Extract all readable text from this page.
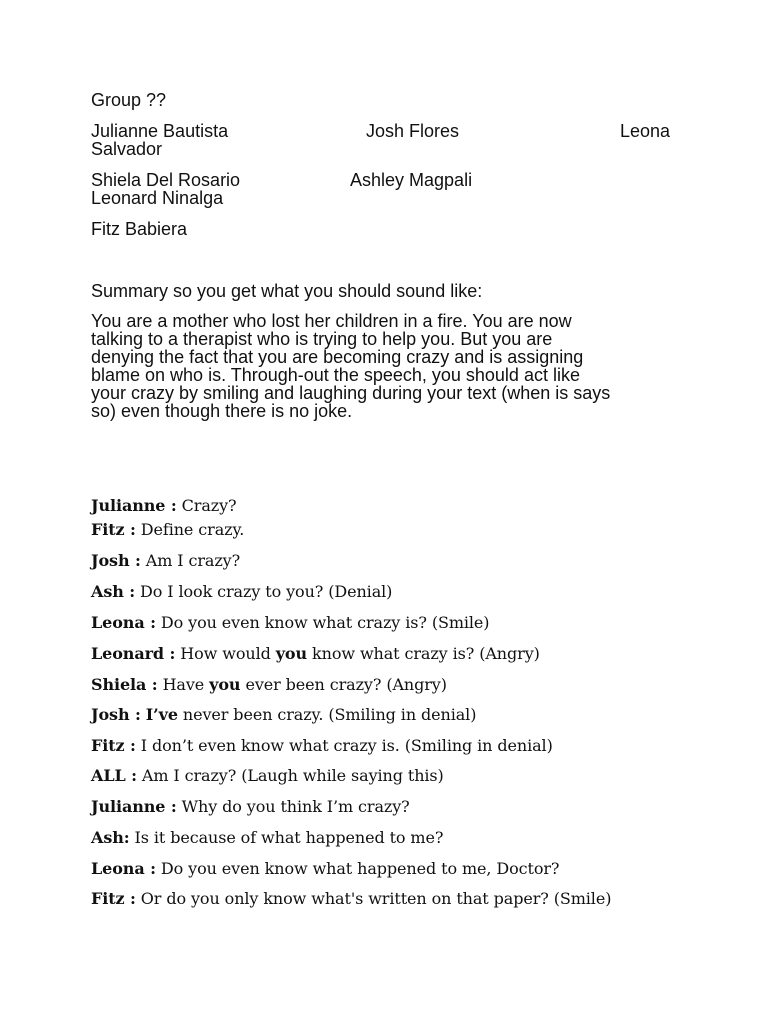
Group ??
Julianne Bautista	Josh Flores	Leona
Salvador
Shiela Del Rosario	Ashley Magpali
Leonard Ninalga
Fitz Babiera
Summary so you get what you should sound like:
You are a mother who lost her children in a fire. You are now
talking to a therapist who is trying to help you. But you are
denying the fact that you are becoming crazy and is assigning
blame on who is. Through-out the speech, you should act like
your crazy by smiling and laughing during your text (when is says
so) even though there is no joke.
Julianne : Crazy?
Fitz : Define crazy.
Josh : Am I crazy?
Ash : Do I look crazy to you? (Denial)
Leona : Do you even know what crazy is? (Smile)
Leonard : How would you know what crazy is? (Angry)
Shiela : Have you ever been crazy? (Angry)
Josh : I’ve never been crazy. (Smiling in denial)
Fitz : I don’t even know what crazy is. (Smiling in denial)
ALL : Am I crazy? (Laugh while saying this)
Julianne : Why do you think I’m crazy?
Ash: Is it because of what happened to me?
Leona : Do you even know what happened to me, Doctor?
Fitz : Or do you only know what's written on that paper? (Smile)
